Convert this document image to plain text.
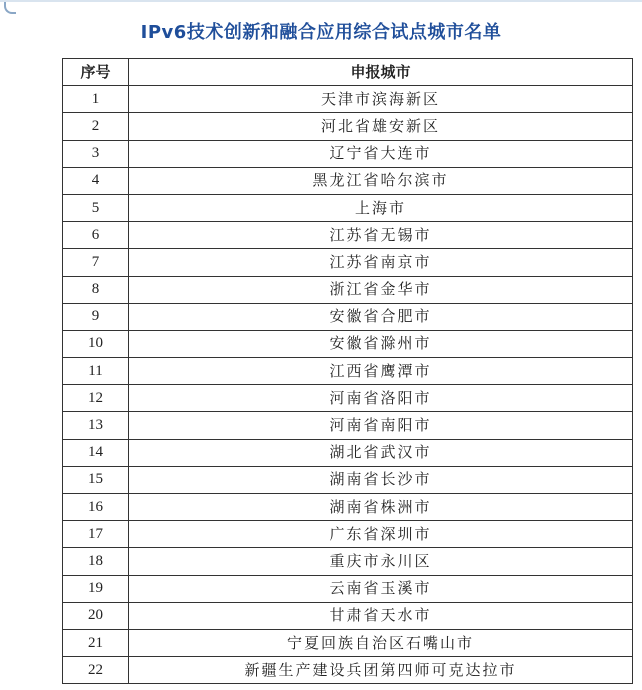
IPv6技术创新和融合应用综合试点城市名单
序号	申报城市
1	天津市滨海新区
2	河北省雄安新区
3	辽宁省大连市
4	黑龙江省哈尔滨市
5	上海市
6	江苏省无锡市
7	江苏省南京市
8	浙江省金华市
9	安徽省合肥市
10	安徽省滁州市
11	江西省鹰潭市
12	河南省洛阳市
13	河南省南阳市
14	湖北省武汉市
15	湖南省长沙市
16	湖南省株洲市
17	广东省深圳市
18	重庆市永川区
19	云南省玉溪市
20	甘肃省天水市
21	宁夏回族自治区石嘴山市
22	新疆生产建设兵团第四师可克达拉市
